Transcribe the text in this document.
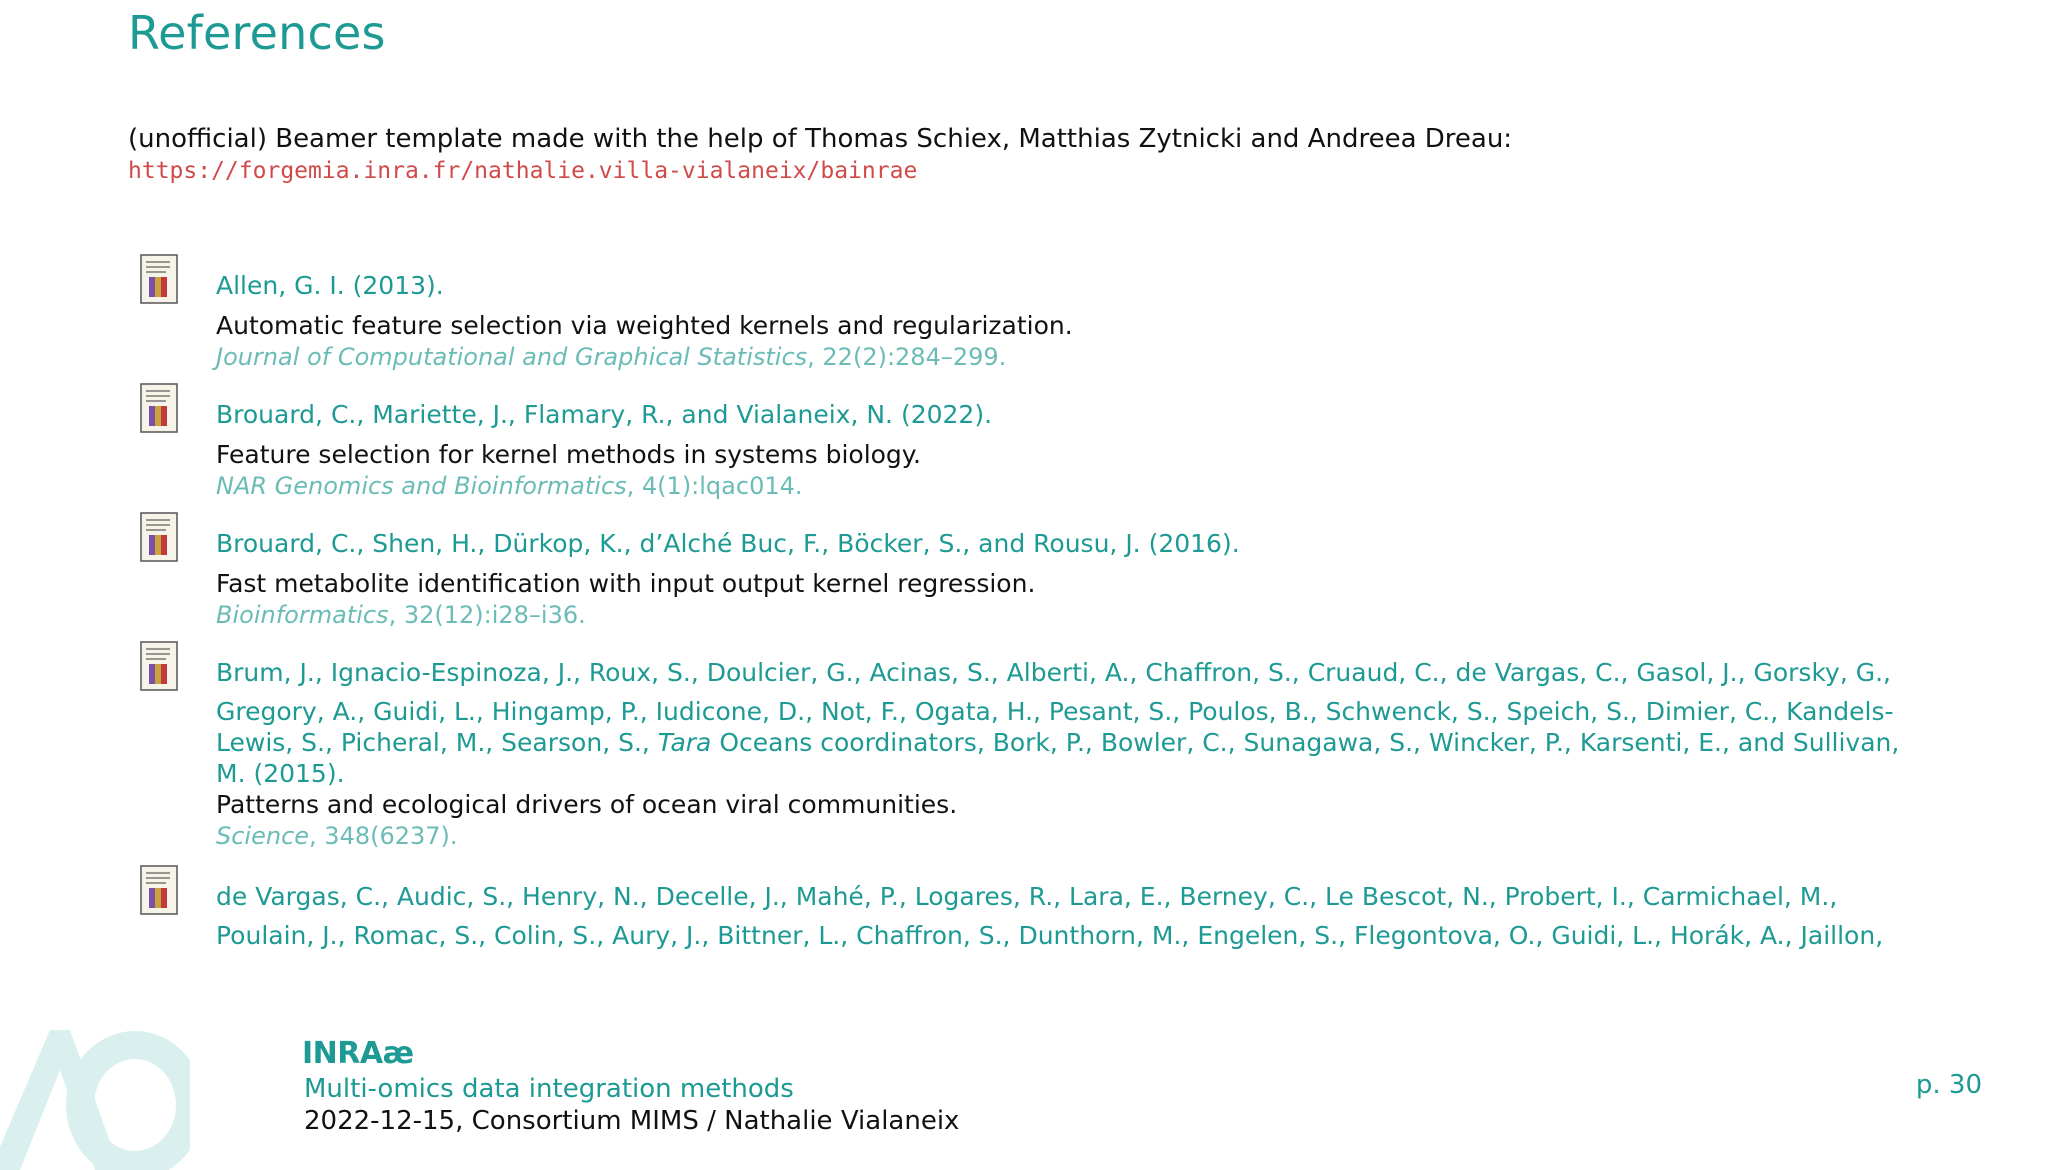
References
(unofficial) Beamer template made with the help of Thomas Schiex, Matthias Zytnicki and Andreea Dreau:
https://forgemia.inra.fr/nathalie.villa-vialaneix/bainrae

Allen, G. I. (2013).

Automatic feature selection via weighted kernels and regularization.
Journal of Computational and Graphical Statistics, 22(2):284–299.

Brouard, C., Mariette, J., Flamary, R., and Vialaneix, N. (2022).

Feature selection for kernel methods in systems biology.
NAR Genomics and Bioinformatics, 4(1):lqac014.

Brouard, C., Shen, H., Dürkop, K., d’Alché Buc, F., Böcker, S., and Rousu, J. (2016).

Fast metabolite identification with input output kernel regression.
Bioinformatics, 32(12):i28–i36.

Brum, J., Ignacio-Espinoza, J., Roux, S., Doulcier, G., Acinas, S., Alberti, A., Chaffron, S., Cruaud, C., de Vargas, C., Gasol, J., Gorsky, G.,
Gregory, A., Guidi, L., Hingamp, P., Iudicone, D., Not, F., Ogata, H., Pesant, S., Poulos, B., Schwenck, S., Speich, S., Dimier, C., Kandels-Lewis, S., Picheral, M., Searson, S., Tara Oceans coordinators, Bork, P., Bowler, C., Sunagawa, S., Wincker, P., Karsenti, E., and Sullivan, M. (2015).

Patterns and ecological drivers of ocean viral communities.
Science, 348(6237).

de Vargas, C., Audic, S., Henry, N., Decelle, J., Mahé, P., Logares, R., Lara, E., Berney, C., Le Bescot, N., Probert, I., Carmichael, M.,
Poulain, J., Romac, S., Colin, S., Aury, J., Bittner, L., Chaffron, S., Dunthorn, M., Engelen, S., Flegontova, O., Guidi, L., Horák, A., Jaillon,

INRAæ
Multi-omics data integration methods
2022-12-15, Consortium MIMS / Nathalie Vialaneix
p. 30
